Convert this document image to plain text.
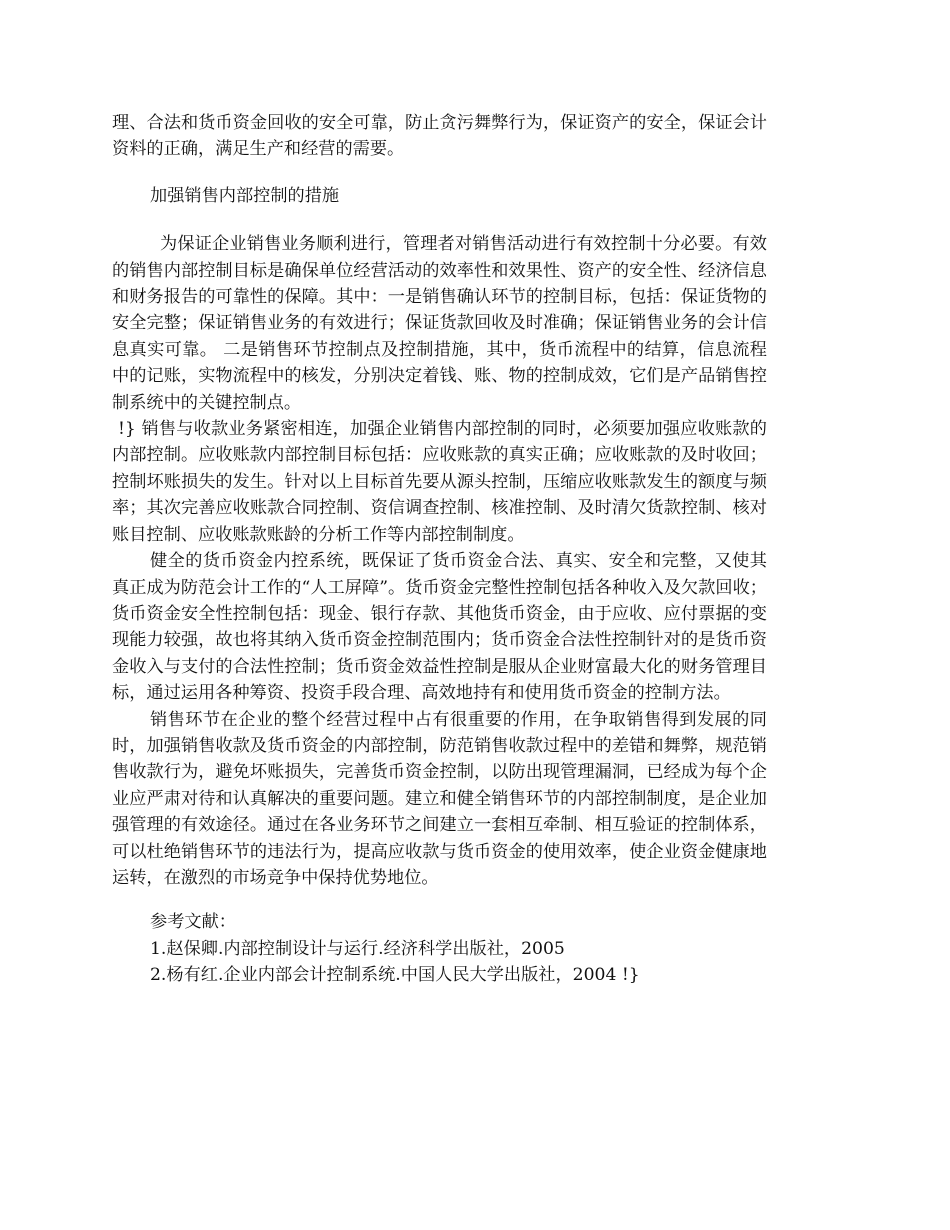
理、合法和货币资金回收的安全可靠，防止贪污舞弊行为，保证资产的安全，保证会计资料的正确，满足生产和经营的需要。

加强销售内部控制的措施

为保证企业销售业务顺利进行，管理者对销售活动进行有效控制十分必要。有效的销售内部控制目标是确保单位经营活动的效率性和效果性、资产的安全性、经济信息和财务报告的可靠性的保障。其中：一是销售确认环节的控制目标，包括：保证货物的安全完整；保证销售业务的有效进行；保证货款回收及时准确；保证销售业务的会计信息真实可靠。 二是销售环节控制点及控制措施，其中，货币流程中的结算，信息流程中的记账，实物流程中的核发，分别决定着钱、账、物的控制成效，它们是产品销售控制系统中的关键控制点。

!} 销售与收款业务紧密相连，加强企业销售内部控制的同时，必须要加强应收账款的内部控制。应收账款内部控制目标包括：应收账款的真实正确；应收账款的及时收回；控制坏账损失的发生。针对以上目标首先要从源头控制，压缩应收账款发生的额度与频率；其次完善应收账款合同控制、资信调查控制、核准控制、及时清欠货款控制、核对账目控制、应收账款账龄的分析工作等内部控制制度。

健全的货币资金内控系统，既保证了货币资金合法、真实、安全和完整，又使其真正成为防范会计工作的“人工屏障”。货币资金完整性控制包括各种收入及欠款回收；货币资金安全性控制包括：现金、银行存款、其他货币资金，由于应收、应付票据的变现能力较强，故也将其纳入货币资金控制范围内；货币资金合法性控制针对的是货币资金收入与支付的合法性控制；货币资金效益性控制是服从企业财富最大化的财务管理目标，通过运用各种筹资、投资手段合理、高效地持有和使用货币资金的控制方法。

销售环节在企业的整个经营过程中占有很重要的作用，在争取销售得到发展的同时，加强销售收款及货币资金的内部控制，防范销售收款过程中的差错和舞弊，规范销售收款行为，避免坏账损失，完善货币资金控制，以防出现管理漏洞，已经成为每个企业应严肃对待和认真解决的重要问题。建立和健全销售环节的内部控制制度，是企业加强管理的有效途径。通过在各业务环节之间建立一套相互牵制、相互验证的控制体系，可以杜绝销售环节的违法行为，提高应收款与货币资金的使用效率，使企业资金健康地运转，在激烈的市场竞争中保持优势地位。

参考文献：

1.赵保卿.内部控制设计与运行.经济科学出版社，2005

2.杨有红.企业内部会计控制系统.中国人民大学出版社，2004 !}
